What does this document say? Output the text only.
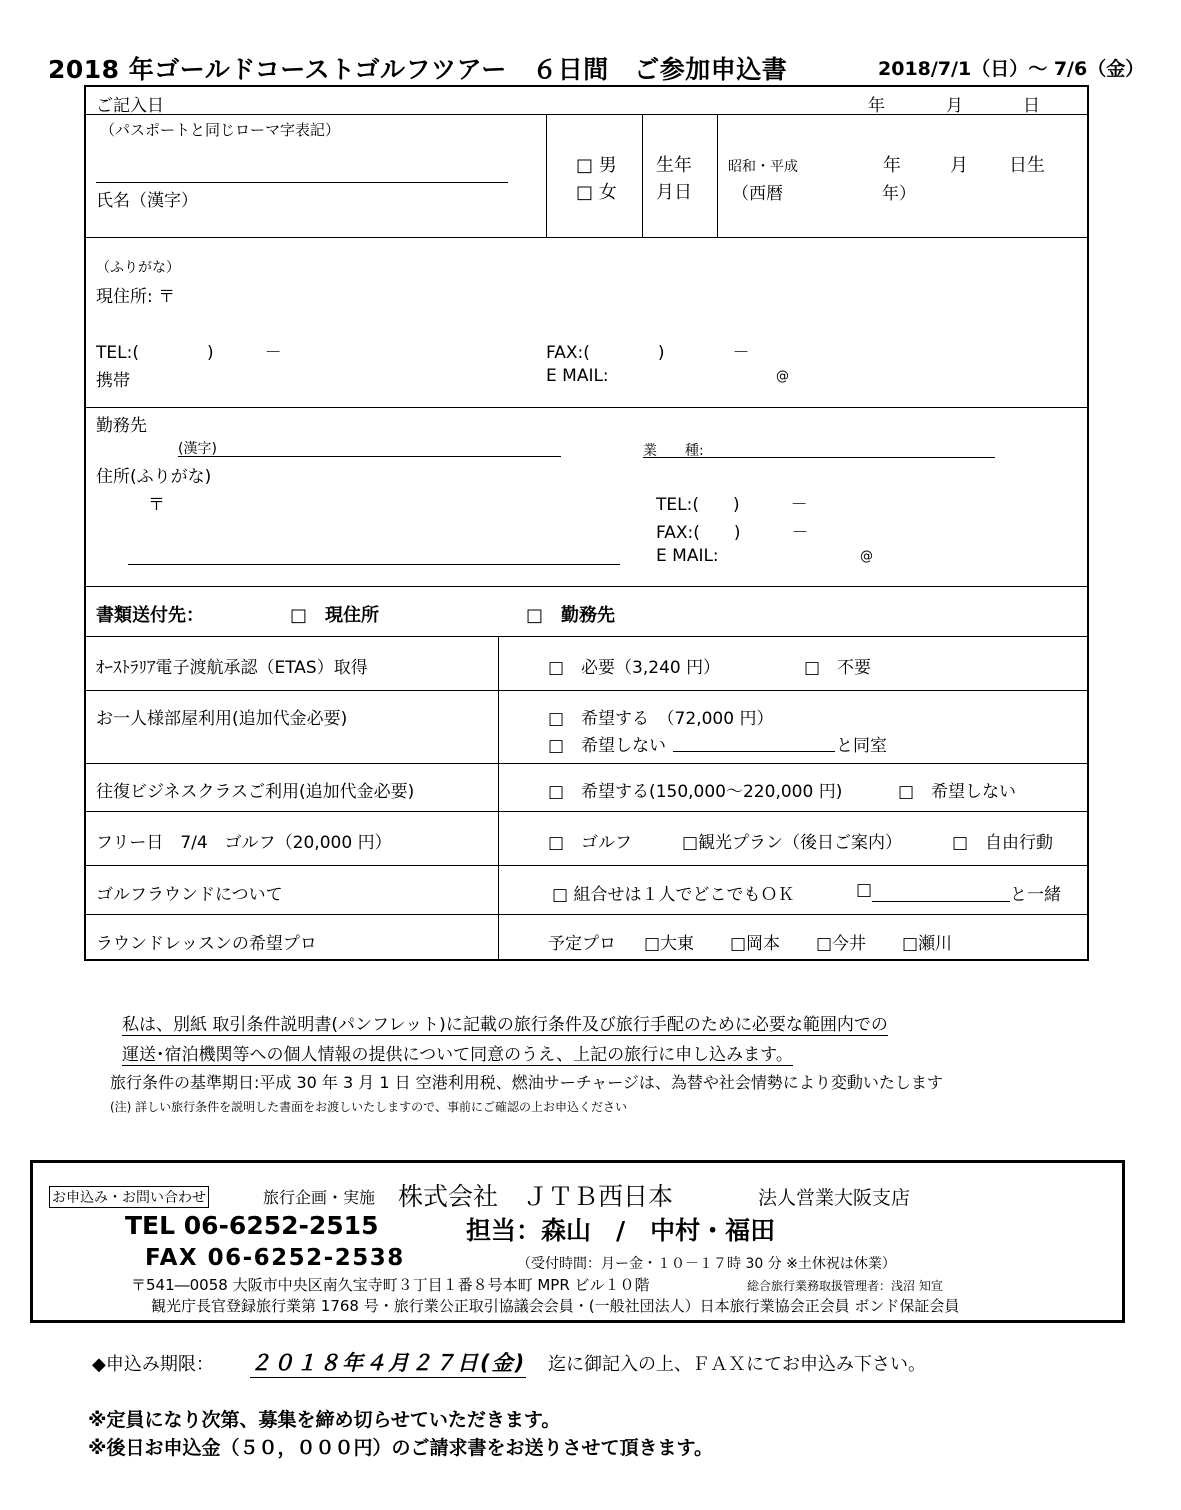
2018 年ゴールドコーストゴルフツアー　６日間　ご参加申込書	2018/7/1（日）～ 7/6（金）
ご記入日	年	月	日
（パスポートと同じローマ字表記）
氏名（漢字）
□ 男
□ 女
生年
月日
昭和・平成	年	月 日生
（西暦	年）
（ふりがな）
現住所: 〒
TEL:(　　　　)　　　－
携帯
FAX:(　　　　)　　　　－
E MAIL:	@
勤務先
(漢字)	業　　種:
住所(ふりがな)
〒	TEL:(　　)　　　－
FAX:(　　)　　　－
E MAIL:	@
書類送付先：	□　現住所	□　勤務先
ｵｰｽﾄﾗﾘｱ電子渡航承認（ETAS）取得	□　必要（3,240 円）	□　不要
お一人様部屋利用(追加代金必要)	□　希望する　（72,000 円）
□　希望しない	と同室
往復ビジネスクラスご利用(追加代金必要)	□　希望する(150,000～220,000 円)	□　希望しない
フリー日　7/4　ゴルフ（20,000 円）	□　ゴルフ	□観光プラン（後日ご案内）	□　自由行動
ゴルフラウンドについて	□ 組合せは１人でどこでもＯＫ	□	と一緒
ラウンドレッスンの希望プロ	予定プロ □大東 □岡本 □今井 □瀬川
私は、別紙 取引条件説明書(パンフレット)に記載の旅行条件及び旅行手配のために必要な範囲内での
運送･宿泊機関等への個人情報の提供について同意のうえ、上記の旅行に申し込みます。
旅行条件の基準期日:平成 30 年 3 月 1 日 空港利用税、燃油サーチャージは、為替や社会情勢により変動いたします
(注) 詳しい旅行条件を説明した書面をお渡しいたしますので、事前にご確認の上お申込ください
お申込み・お問い合わせ	旅行企画・実施 株式会社　ＪＴＢ西日本	法人営業大阪支店
TEL 06-6252-2515	担当：森山　/　中村・福田
FAX 06-6252-2538	（受付時間：月ー金・１０－１７時 30 分 ※土休祝は休業）
〒541―0058 大阪市中央区南久宝寺町３丁目１番８号本町 MPR ビル１０階	総合旅行業務取扱管理者：浅沼 知宣
観光庁長官登録旅行業第 1768 号・旅行業公正取引協議会会員・(一般社団法人）日本旅行業協会正会員 ボンド保証会員
◆申込み期限： ２０１８年４月２７日(金) 迄に御記入の上、ＦＡＸにてお申込み下さい。
※定員になり次第、募集を締め切らせていただきます。
※後日お申込金（５０，０００円）のご請求書をお送りさせて頂きます。
